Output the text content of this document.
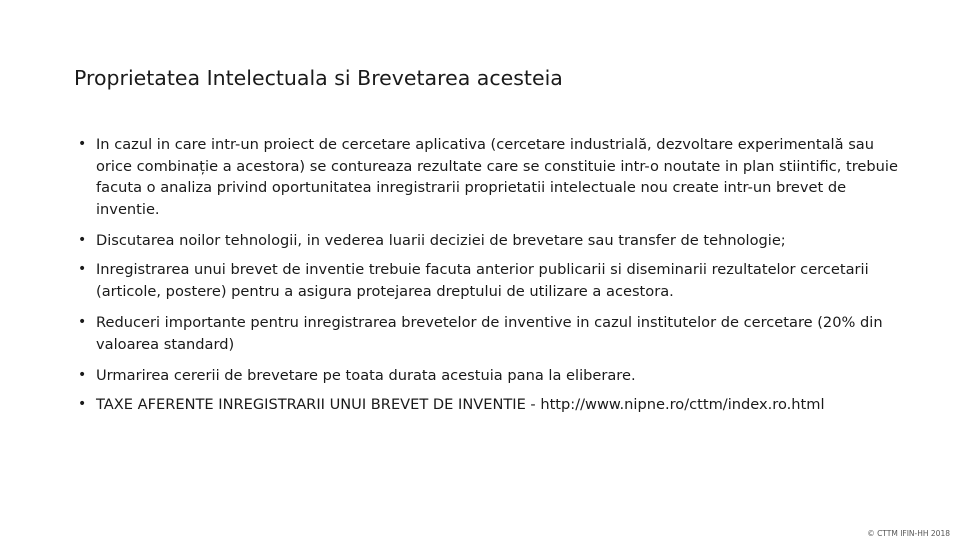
Proprietatea Intelectuala si Brevetarea acesteia
• In cazul in care intr-un proiect de cercetare aplicativa (cercetare industrială, dezvoltare experimentală sau orice combinație a acestora) se contureaza rezultate care se constituie intr-o noutate in plan stiintific, trebuie facuta o analiza privind oportunitatea inregistrarii proprietatii intelectuale nou create intr-un brevet de inventie.
• Discutarea noilor tehnologii, in vederea luarii deciziei de brevetare sau transfer de tehnologie;
• Inregistrarea unui brevet de inventie trebuie facuta anterior publicarii si diseminarii rezultatelor cercetarii (articole, postere) pentru a asigura protejarea dreptului de utilizare a acestora.
• Reduceri importante pentru inregistrarea brevetelor de inventive in cazul institutelor de cercetare (20% din valoarea standard)
• Urmarirea cererii de brevetare pe toata durata acestuia pana la eliberare.
• TAXE AFERENTE INREGISTRARII UNUI BREVET DE INVENTIE - http://www.nipne.ro/cttm/index.ro.html
© CTTM IFIN-HH 2018
